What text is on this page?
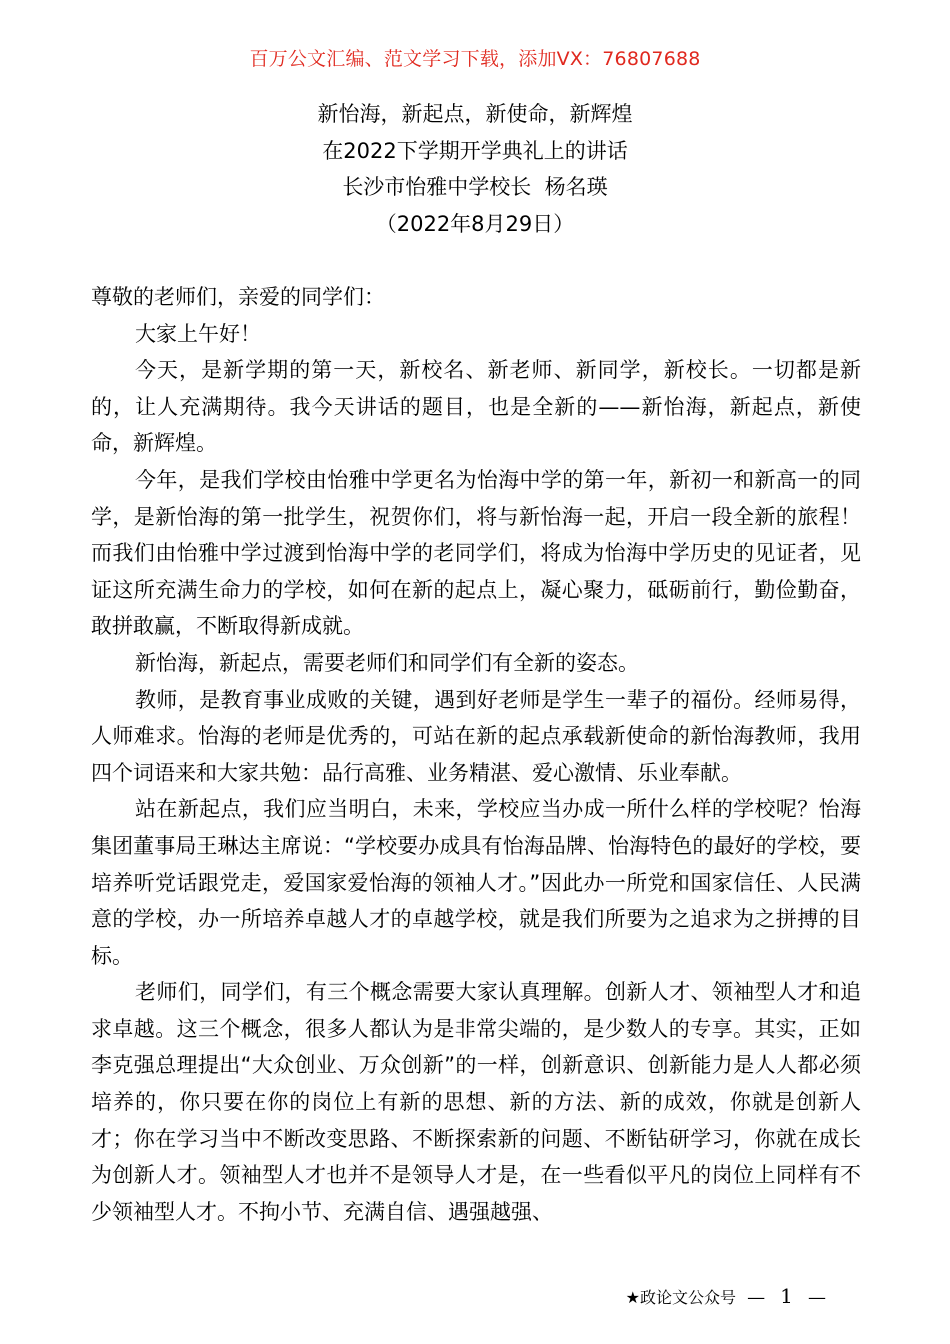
百万公文汇编、范文学习下载，添加VX：76807688
新怡海，新起点，新使命，新辉煌
在2022下学期开学典礼上的讲话
长沙市怡雅中学校长  杨名瑛
（2022年8月29日）

尊敬的老师们，亲爱的同学们：

大家上午好！

今天，是新学期的第一天，新校名、新老师、新同学，新校长。一切都是新的，让人充满期待。我今天讲话的题目，也是全新的——新怡海，新起点，新使命，新辉煌。

今年，是我们学校由怡雅中学更名为怡海中学的第一年，新初一和新高一的同学，是新怡海的第一批学生，祝贺你们，将与新怡海一起，开启一段全新的旅程！而我们由怡雅中学过渡到怡海中学的老同学们，将成为怡海中学历史的见证者，见证这所充满生命力的学校，如何在新的起点上，凝心聚力，砥砺前行，勤俭勤奋，敢拼敢赢，不断取得新成就。

新怡海，新起点，需要老师们和同学们有全新的姿态。

教师，是教育事业成败的关键，遇到好老师是学生一辈子的福份。经师易得，人师难求。怡海的老师是优秀的，可站在新的起点承载新使命的新怡海教师，我用四个词语来和大家共勉：品行高雅、业务精湛、爱心激情、乐业奉献。

站在新起点，我们应当明白，未来，学校应当办成一所什么样的学校呢？怡海集团董事局王琳达主席说：“学校要办成具有怡海品牌、怡海特色的最好的学校，要培养听党话跟党走，爱国家爱怡海的领袖人才。”因此办一所党和国家信任、人民满意的学校，办一所培养卓越人才的卓越学校，就是我们所要为之追求为之拼搏的目标。

老师们，同学们，有三个概念需要大家认真理解。创新人才、领袖型人才和追求卓越。这三个概念，很多人都认为是非常尖端的，是少数人的专享。其实，正如李克强总理提出“大众创业、万众创新”的一样，创新意识、创新能力是人人都必须培养的，你只要在你的岗位上有新的思想、新的方法、新的成效，你就是创新人才；你在学习当中不断改变思路、不断探索新的问题、不断钻研学习，你就在成长为创新人才。领袖型人才也并不是领导人才是，在一些看似平凡的岗位上同样有不少领袖型人才。不拘小节、充满自信、遇强越强、

★政论文公众号 — 1 —
